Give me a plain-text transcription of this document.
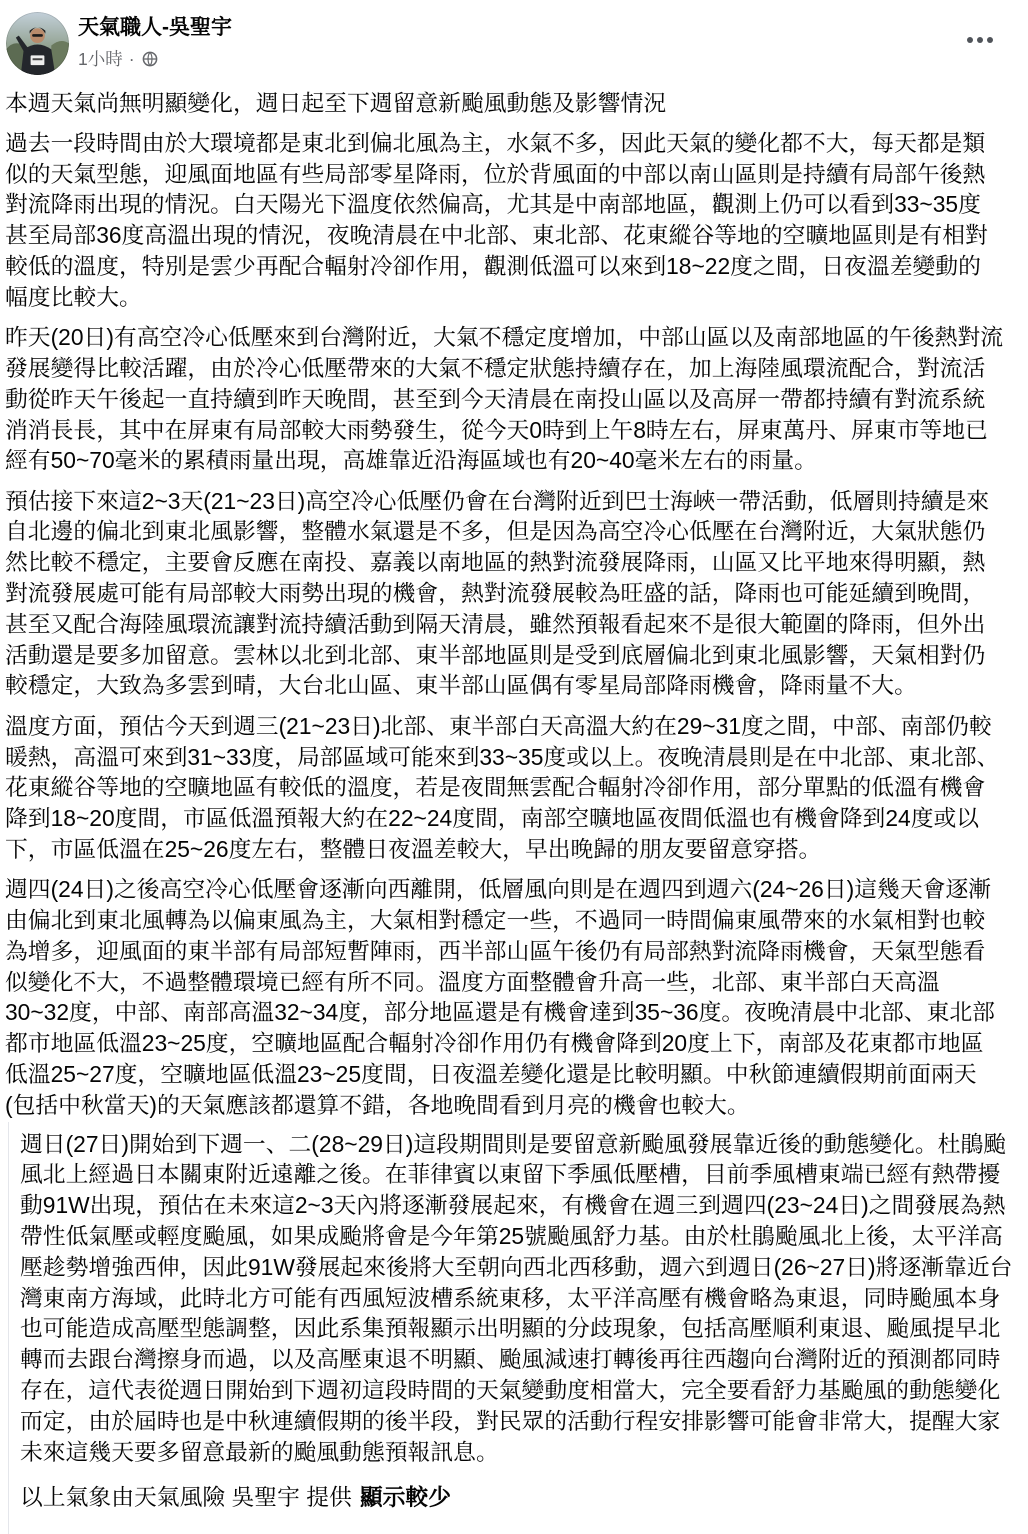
天氣職人-吳聖宇
1小時 ·
本週天氣尚無明顯變化，週日起至下週留意新颱風動態及影響情況
過去一段時間由於大環境都是東北到偏北風為主，水氣不多，因此天氣的變化都不大，每天都是類
似的天氣型態，迎風面地區有些局部零星降雨，位於背風面的中部以南山區則是持續有局部午後熱
對流降雨出現的情況。白天陽光下溫度依然偏高，尤其是中南部地區，觀測上仍可以看到33~35度
甚至局部36度高溫出現的情況，夜晚清晨在中北部、東北部、花東縱谷等地的空曠地區則是有相對
較低的溫度，特別是雲少再配合輻射冷卻作用，觀測低溫可以來到18~22度之間，日夜溫差變動的
幅度比較大。
昨天(20日)有高空冷心低壓來到台灣附近，大氣不穩定度增加，中部山區以及南部地區的午後熱對流
發展變得比較活躍，由於冷心低壓帶來的大氣不穩定狀態持續存在，加上海陸風環流配合，對流活
動從昨天午後起一直持續到昨天晚間，甚至到今天清晨在南投山區以及高屏一帶都持續有對流系統
消消長長，其中在屏東有局部較大雨勢發生，從今天0時到上午8時左右，屏東萬丹、屏東市等地已
經有50~70毫米的累積雨量出現，高雄靠近沿海區域也有20~40毫米左右的雨量。
預估接下來這2~3天(21~23日)高空冷心低壓仍會在台灣附近到巴士海峽一帶活動，低層則持續是來
自北邊的偏北到東北風影響，整體水氣還是不多，但是因為高空冷心低壓在台灣附近，大氣狀態仍
然比較不穩定，主要會反應在南投、嘉義以南地區的熱對流發展降雨，山區又比平地來得明顯，熱
對流發展處可能有局部較大雨勢出現的機會，熱對流發展較為旺盛的話，降雨也可能延續到晚間，
甚至又配合海陸風環流讓對流持續活動到隔天清晨，雖然預報看起來不是很大範圍的降雨，但外出
活動還是要多加留意。雲林以北到北部、東半部地區則是受到底層偏北到東北風影響，天氣相對仍
較穩定，大致為多雲到晴，大台北山區、東半部山區偶有零星局部降雨機會，降雨量不大。
溫度方面，預估今天到週三(21~23日)北部、東半部白天高溫大約在29~31度之間，中部、南部仍較
暖熱，高溫可來到31~33度，局部區域可能來到33~35度或以上。夜晚清晨則是在中北部、東北部、
花東縱谷等地的空曠地區有較低的溫度，若是夜間無雲配合輻射冷卻作用，部分單點的低溫有機會
降到18~20度間，市區低溫預報大約在22~24度間，南部空曠地區夜間低溫也有機會降到24度或以
下，市區低溫在25~26度左右，整體日夜溫差較大，早出晚歸的朋友要留意穿搭。
週四(24日)之後高空冷心低壓會逐漸向西離開，低層風向則是在週四到週六(24~26日)這幾天會逐漸
由偏北到東北風轉為以偏東風為主，大氣相對穩定一些，不過同一時間偏東風帶來的水氣相對也較
為增多，迎風面的東半部有局部短暫陣雨，西半部山區午後仍有局部熱對流降雨機會，天氣型態看
似變化不大，不過整體環境已經有所不同。溫度方面整體會升高一些，北部、東半部白天高溫
30~32度，中部、南部高溫32~34度，部分地區還是有機會達到35~36度。夜晚清晨中北部、東北部
都市地區低溫23~25度，空曠地區配合輻射冷卻作用仍有機會降到20度上下，南部及花東都市地區
低溫25~27度，空曠地區低溫23~25度間，日夜溫差變化還是比較明顯。中秋節連續假期前面兩天
(包括中秋當天)的天氣應該都還算不錯，各地晚間看到月亮的機會也較大。
週日(27日)開始到下週一、二(28~29日)這段期間則是要留意新颱風發展靠近後的動態變化。杜鵑颱
風北上經過日本關東附近遠離之後。在菲律賓以東留下季風低壓槽，目前季風槽東端已經有熱帶擾
動91W出現，預估在未來這2~3天內將逐漸發展起來，有機會在週三到週四(23~24日)之間發展為熱
帶性低氣壓或輕度颱風，如果成颱將會是今年第25號颱風舒力基。由於杜鵑颱風北上後，太平洋高
壓趁勢增強西伸，因此91W發展起來後將大至朝向西北西移動，週六到週日(26~27日)將逐漸靠近台
灣東南方海域，此時北方可能有西風短波槽系統東移，太平洋高壓有機會略為東退，同時颱風本身
也可能造成高壓型態調整，因此系集預報顯示出明顯的分歧現象，包括高壓順利東退、颱風提早北
轉而去跟台灣擦身而過，以及高壓東退不明顯、颱風減速打轉後再往西趨向台灣附近的預測都同時
存在，這代表從週日開始到下週初這段時間的天氣變動度相當大，完全要看舒力基颱風的動態變化
而定，由於屆時也是中秋連續假期的後半段，對民眾的活動行程安排影響可能會非常大，提醒大家
未來這幾天要多留意最新的颱風動態預報訊息。
以上氣象由天氣風險 吳聖宇 提供 顯示較少
